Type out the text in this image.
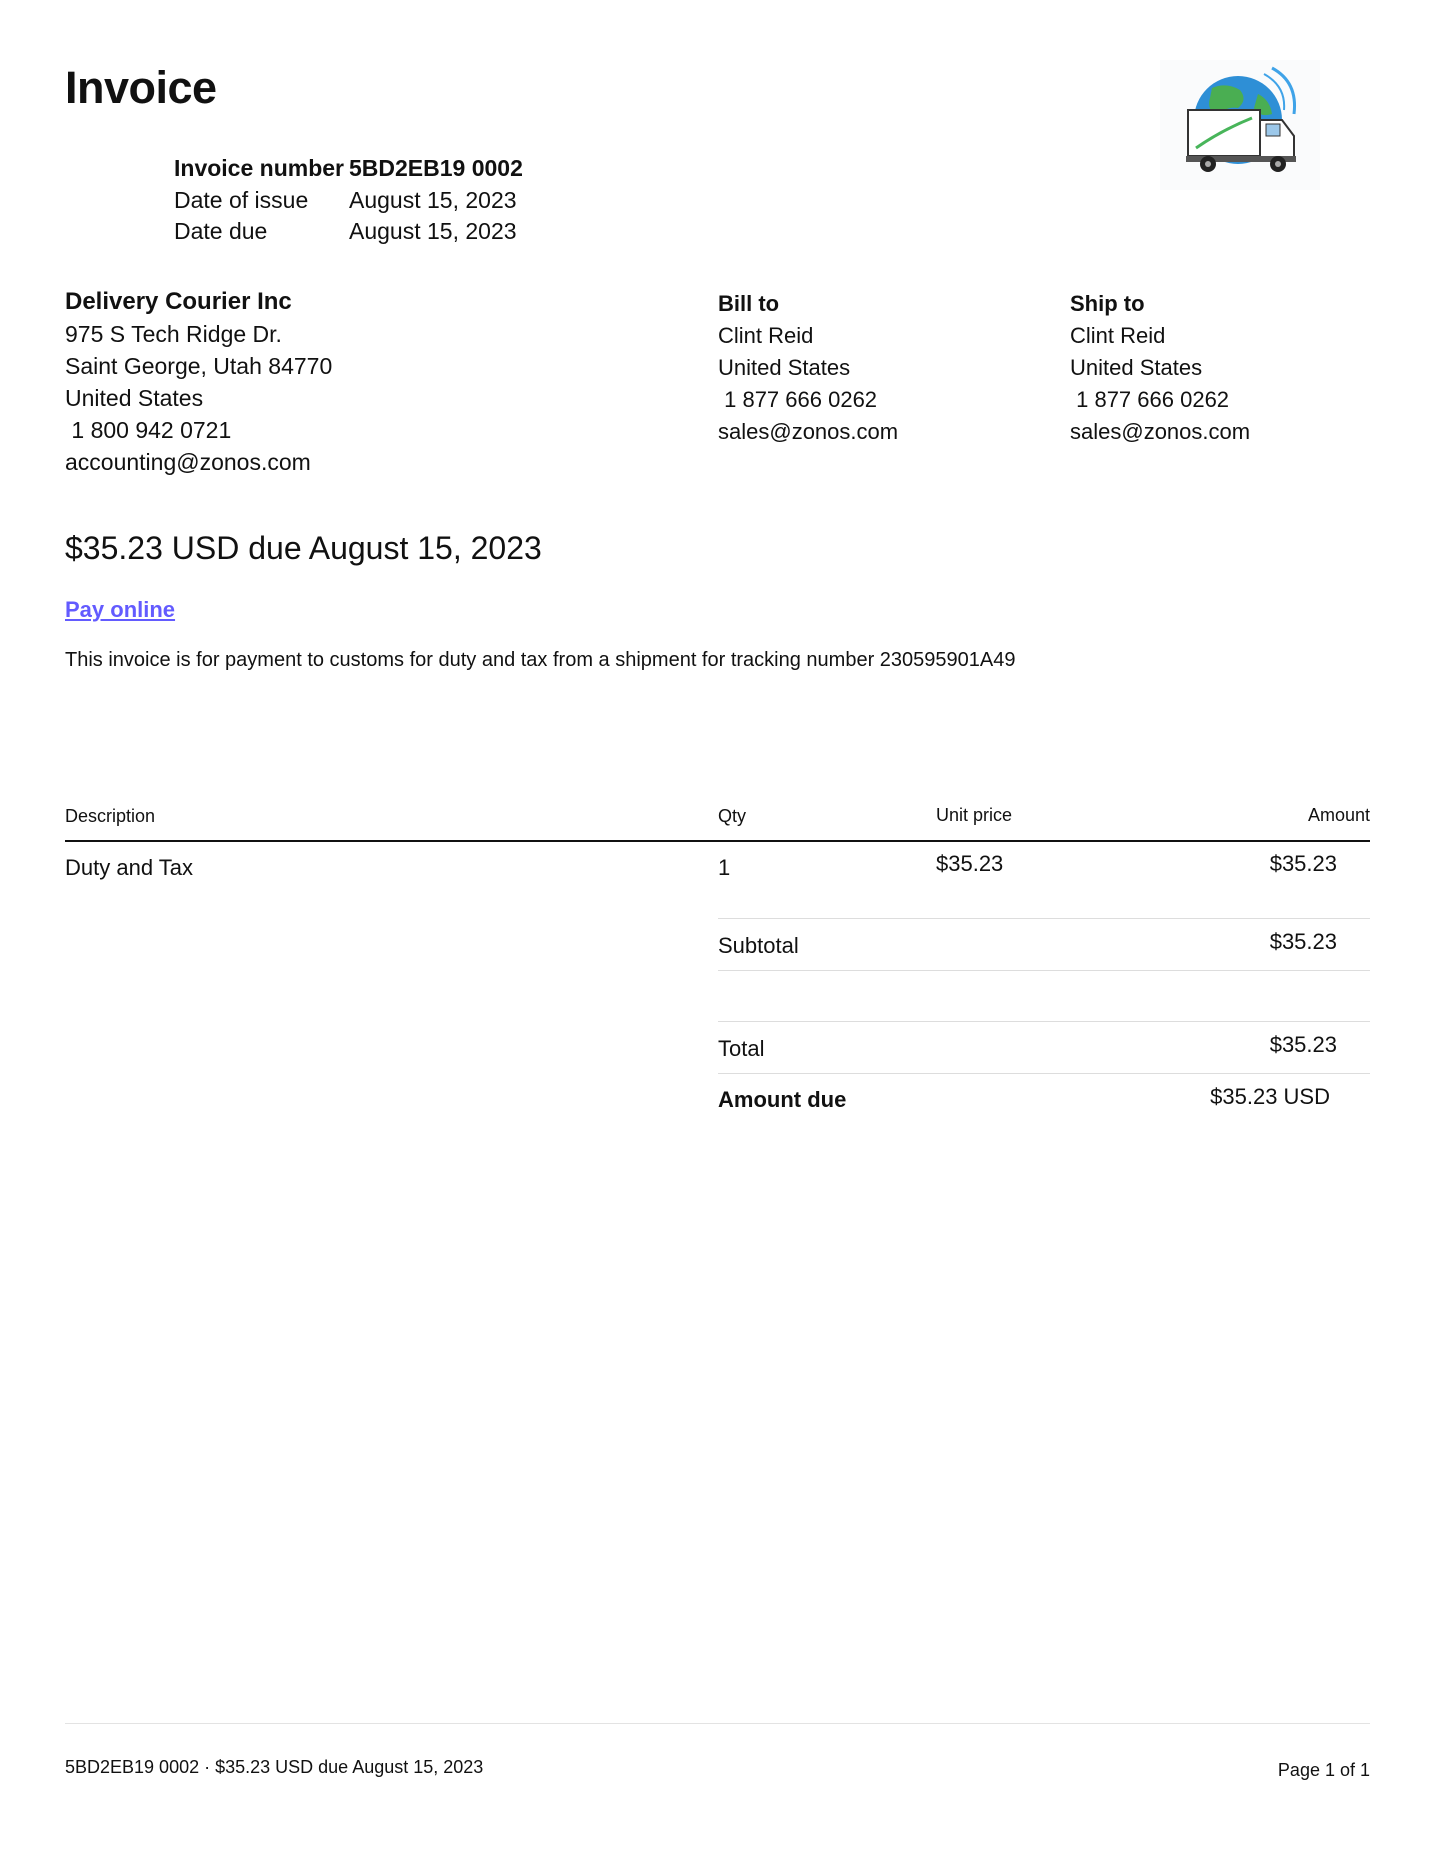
Invoice
Invoice number 5BD2EB19 0002
Date of issue August 15, 2023
Date due	August 15, 2023
Delivery Courier Inc
975 S Tech Ridge Dr.
Saint George, Utah 84770
United States
1 800 942 0721
accounting@zonos.com
Bill to
Clint Reid
United States
1 877 666 0262
sales@zonos.com
Ship to
Clint Reid
United States
1 877 666 0262
sales@zonos.com
$35.23 USD due August 15, 2023
Pay online
This invoice is for payment to customs for duty and tax from a shipment for tracking number 230595901A49
Description	Qty	Unit price	Amount
Duty and Tax	1	$35.23	$35.23
Subtotal	$35.23
Total	$35.23
Amount due	$35.23 USD
5BD2EB19 0002 · $35.23 USD due August 15, 2023	Page 1 of 1
